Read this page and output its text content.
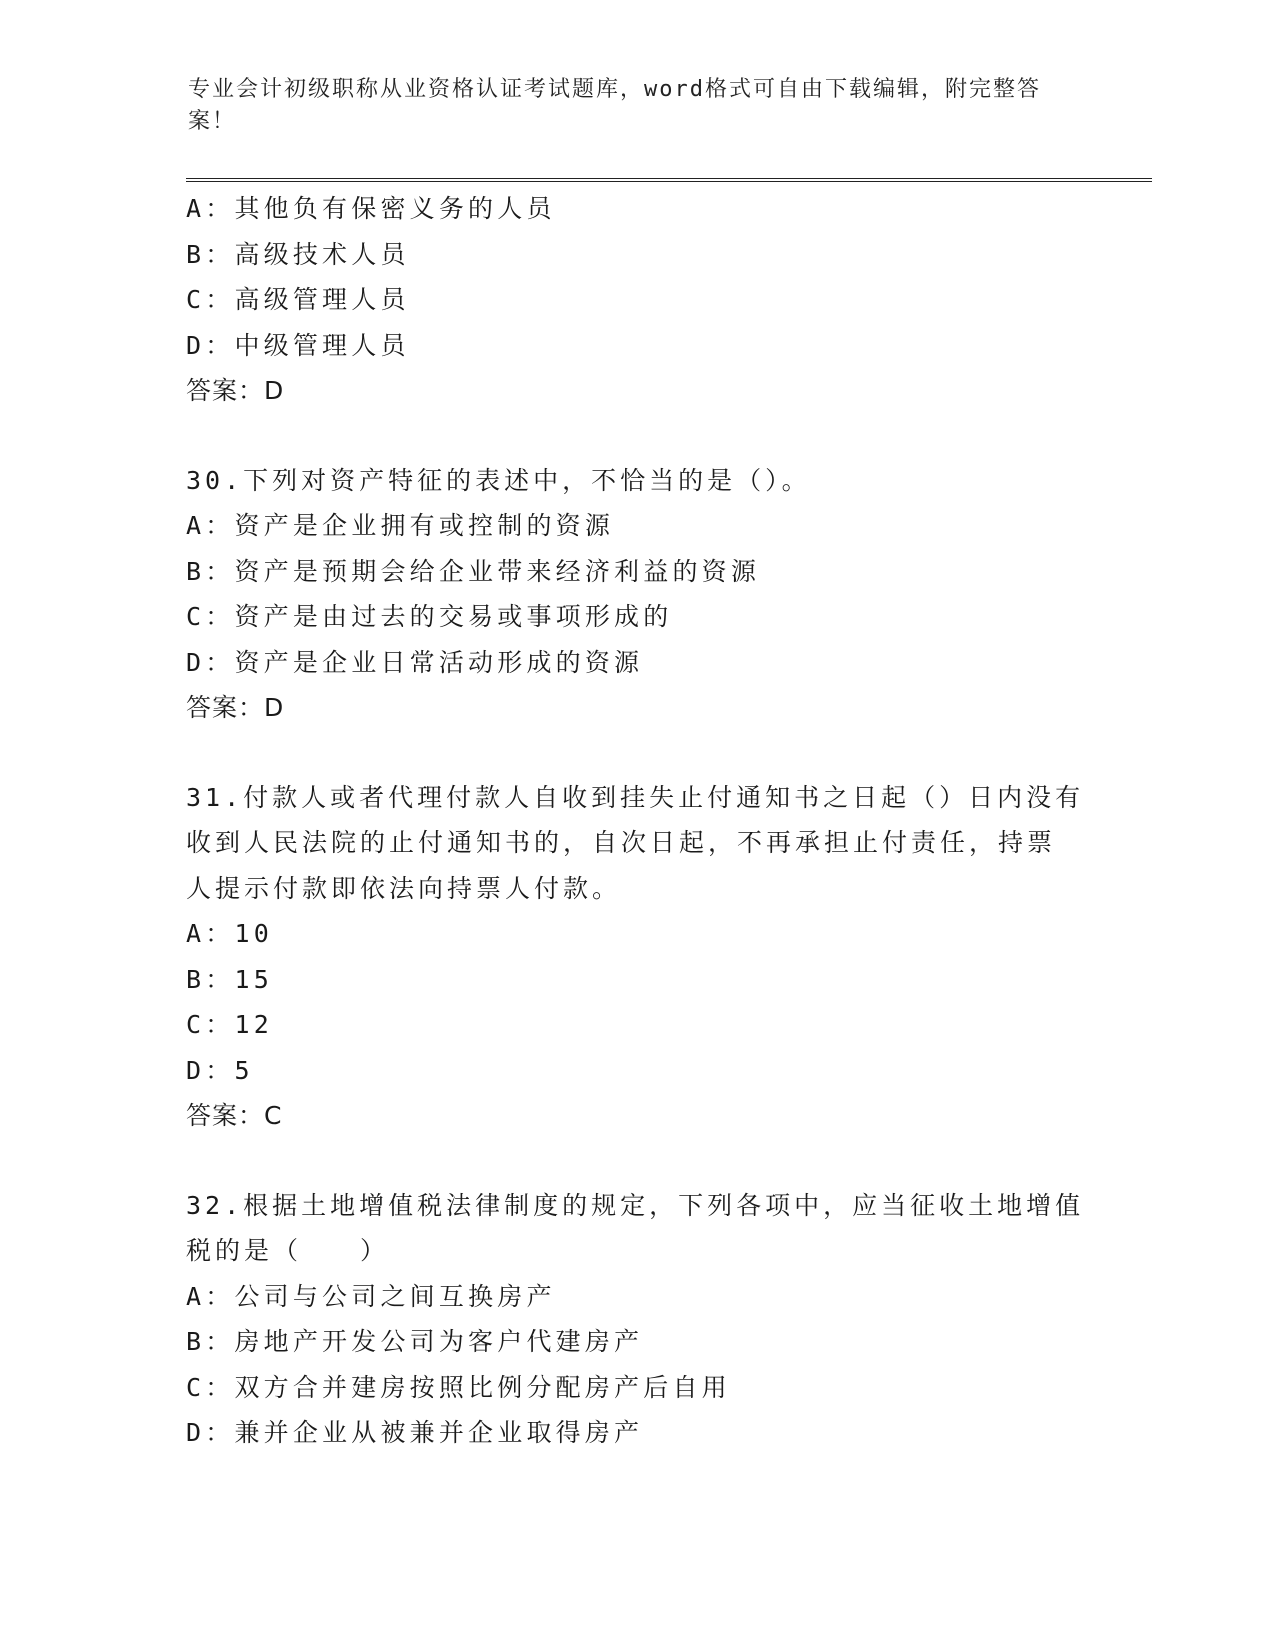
专业会计初级职称从业资格认证考试题库，word格式可自由下载编辑，附完整答案！
A：其他负有保密义务的人员
B：高级技术人员
C：高级管理人员
D：中级管理人员
答案：D
30.下列对资产特征的表述中，不恰当的是（）。
A：资产是企业拥有或控制的资源
B：资产是预期会给企业带来经济利益的资源
C：资产是由过去的交易或事项形成的
D：资产是企业日常活动形成的资源
答案：D
31.付款人或者代理付款人自收到挂失止付通知书之日起（）日内没有
收到人民法院的止付通知书的，自次日起，不再承担止付责任，持票
人提示付款即依法向持票人付款。
A：10
B：15
C：12
D：5
答案：C
32.根据土地增值税法律制度的规定，下列各项中，应当征收土地增值
税的是（　　）
A：公司与公司之间互换房产
B：房地产开发公司为客户代建房产
C：双方合并建房按照比例分配房产后自用
D：兼并企业从被兼并企业取得房产
